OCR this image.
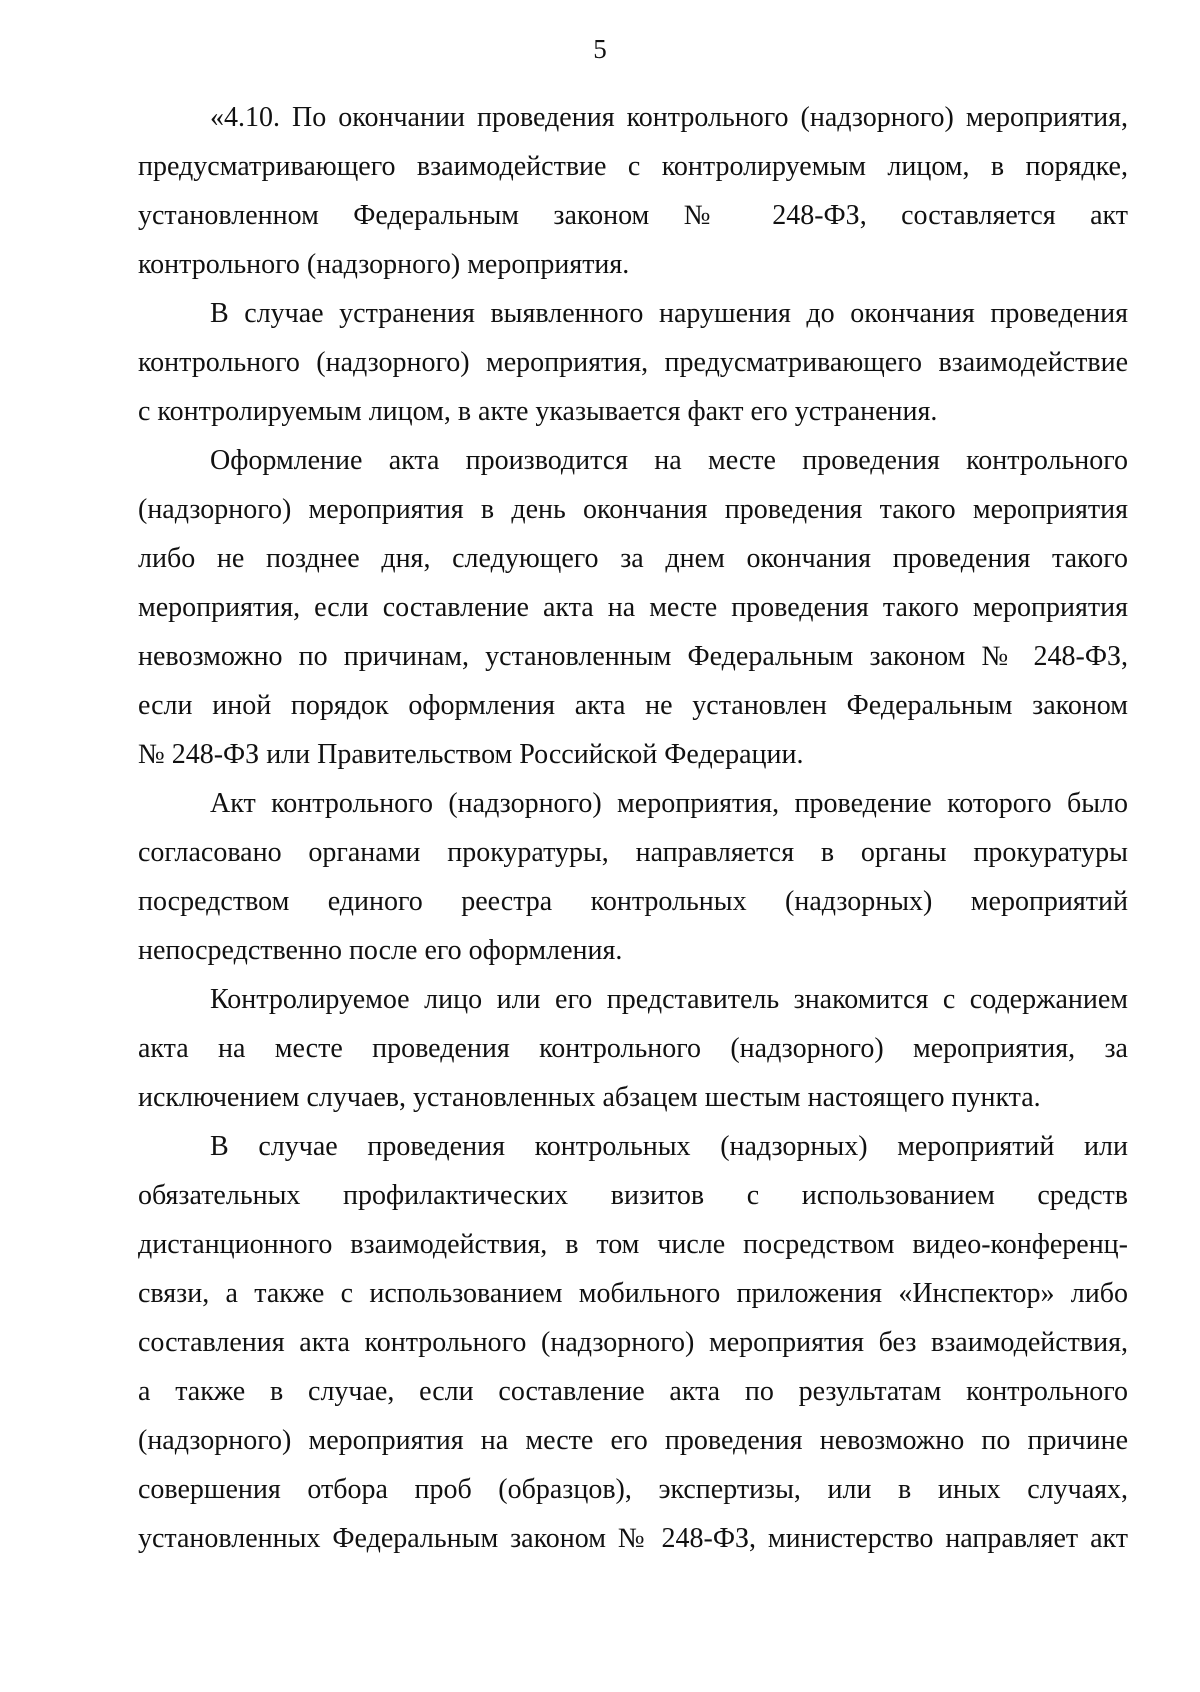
5
«4.10. По окончании проведения контрольного (надзорного) мероприятия,
предусматривающего взаимодействие с контролируемым лицом, в порядке,
установленном Федеральным законом № 248-ФЗ, составляется акт
контрольного (надзорного) мероприятия.
В случае устранения выявленного нарушения до окончания проведения
контрольного (надзорного) мероприятия, предусматривающего взаимодействие
с контролируемым лицом, в акте указывается факт его устранения.
Оформление акта производится на месте проведения контрольного
(надзорного) мероприятия в день окончания проведения такого мероприятия
либо не позднее дня, следующего за днем окончания проведения такого
мероприятия, если составление акта на месте проведения такого мероприятия
невозможно по причинам, установленным Федеральным законом № 248-ФЗ,
если иной порядок оформления акта не установлен Федеральным законом
№ 248-ФЗ или Правительством Российской Федерации.
Акт контрольного (надзорного) мероприятия, проведение которого было
согласовано органами прокуратуры, направляется в органы прокуратуры
посредством единого реестра контрольных (надзорных) мероприятий
непосредственно после его оформления.
Контролируемое лицо или его представитель знакомится с содержанием
акта на месте проведения контрольного (надзорного) мероприятия, за
исключением случаев, установленных абзацем шестым настоящего пункта.
В случае проведения контрольных (надзорных) мероприятий или
обязательных профилактических визитов с использованием средств
дистанционного взаимодействия, в том числе посредством видео-конференц-
связи, а также с использованием мобильного приложения «Инспектор» либо
составления акта контрольного (надзорного) мероприятия без взаимодействия,
а также в случае, если составление акта по результатам контрольного
(надзорного) мероприятия на месте его проведения невозможно по причине
совершения отбора проб (образцов), экспертизы, или в иных случаях,
установленных Федеральным законом № 248-ФЗ, министерство направляет акт
